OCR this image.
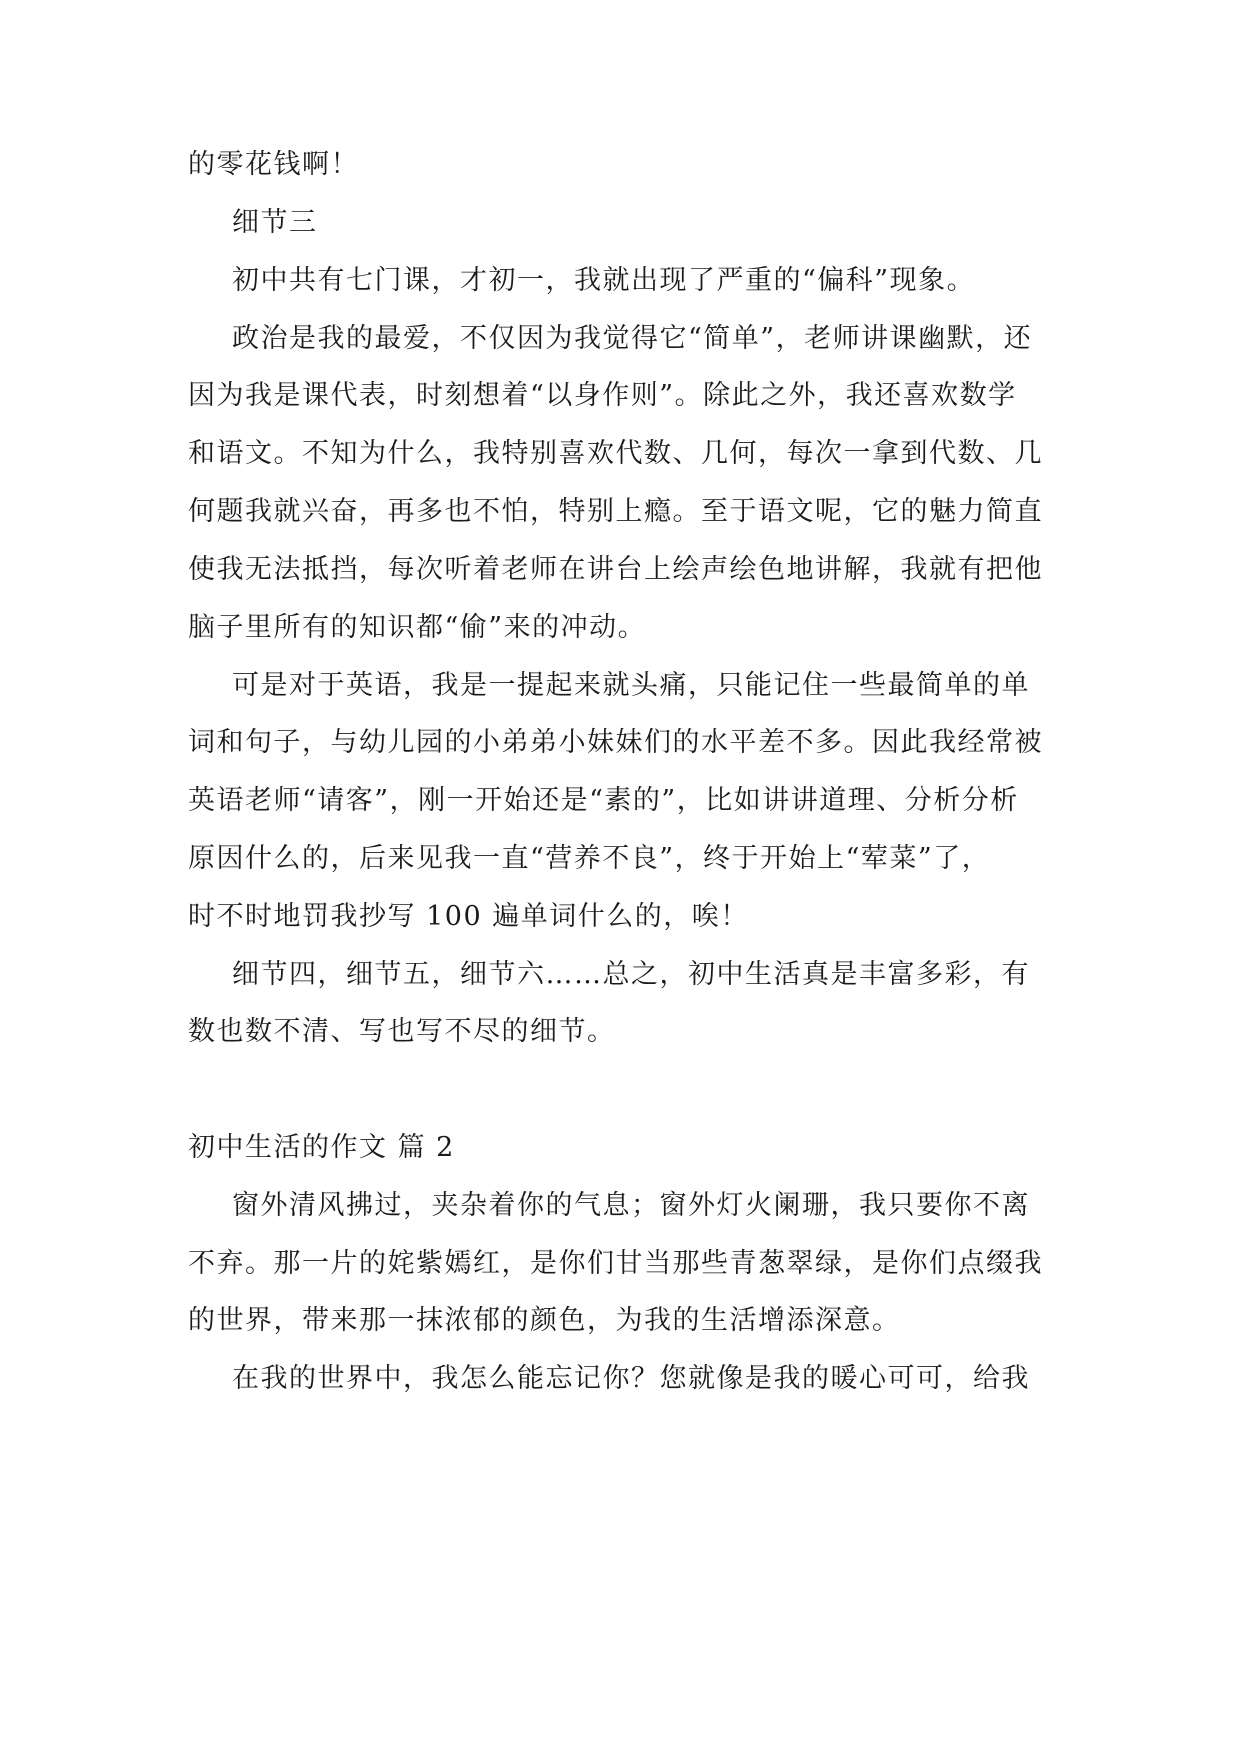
的零花钱啊！
细节三
初中共有七门课，才初一，我就出现了严重的“偏科”现象。
政治是我的最爱，不仅因为我觉得它“简单”，老师讲课幽默，还
因为我是课代表，时刻想着“以身作则”。除此之外，我还喜欢数学
和语文。不知为什么，我特别喜欢代数、几何，每次一拿到代数、几
何题我就兴奋，再多也不怕，特别上瘾。至于语文呢，它的魅力简直
使我无法抵挡，每次听着老师在讲台上绘声绘色地讲解，我就有把他
脑子里所有的知识都“偷”来的冲动。
可是对于英语，我是一提起来就头痛，只能记住一些最简单的单
词和句子，与幼儿园的小弟弟小妹妹们的水平差不多。因此我经常被
英语老师“请客”，刚一开始还是“素的”，比如讲讲道理、分析分析
原因什么的，后来见我一直“营养不良”，终于开始上“荤菜”了，
时不时地罚我抄写 100 遍单词什么的，唉！
细节四，细节五，细节六……总之，初中生活真是丰富多彩，有
数也数不清、写也写不尽的细节。
初中生活的作文 篇 2
窗外清风拂过，夹杂着你的气息；窗外灯火阑珊，我只要你不离
不弃。那一片的姹紫嫣红，是你们甘当那些青葱翠绿，是你们点缀我
的世界，带来那一抹浓郁的颜色，为我的生活增添深意。
在我的世界中，我怎么能忘记你？您就像是我的暖心可可，给我
